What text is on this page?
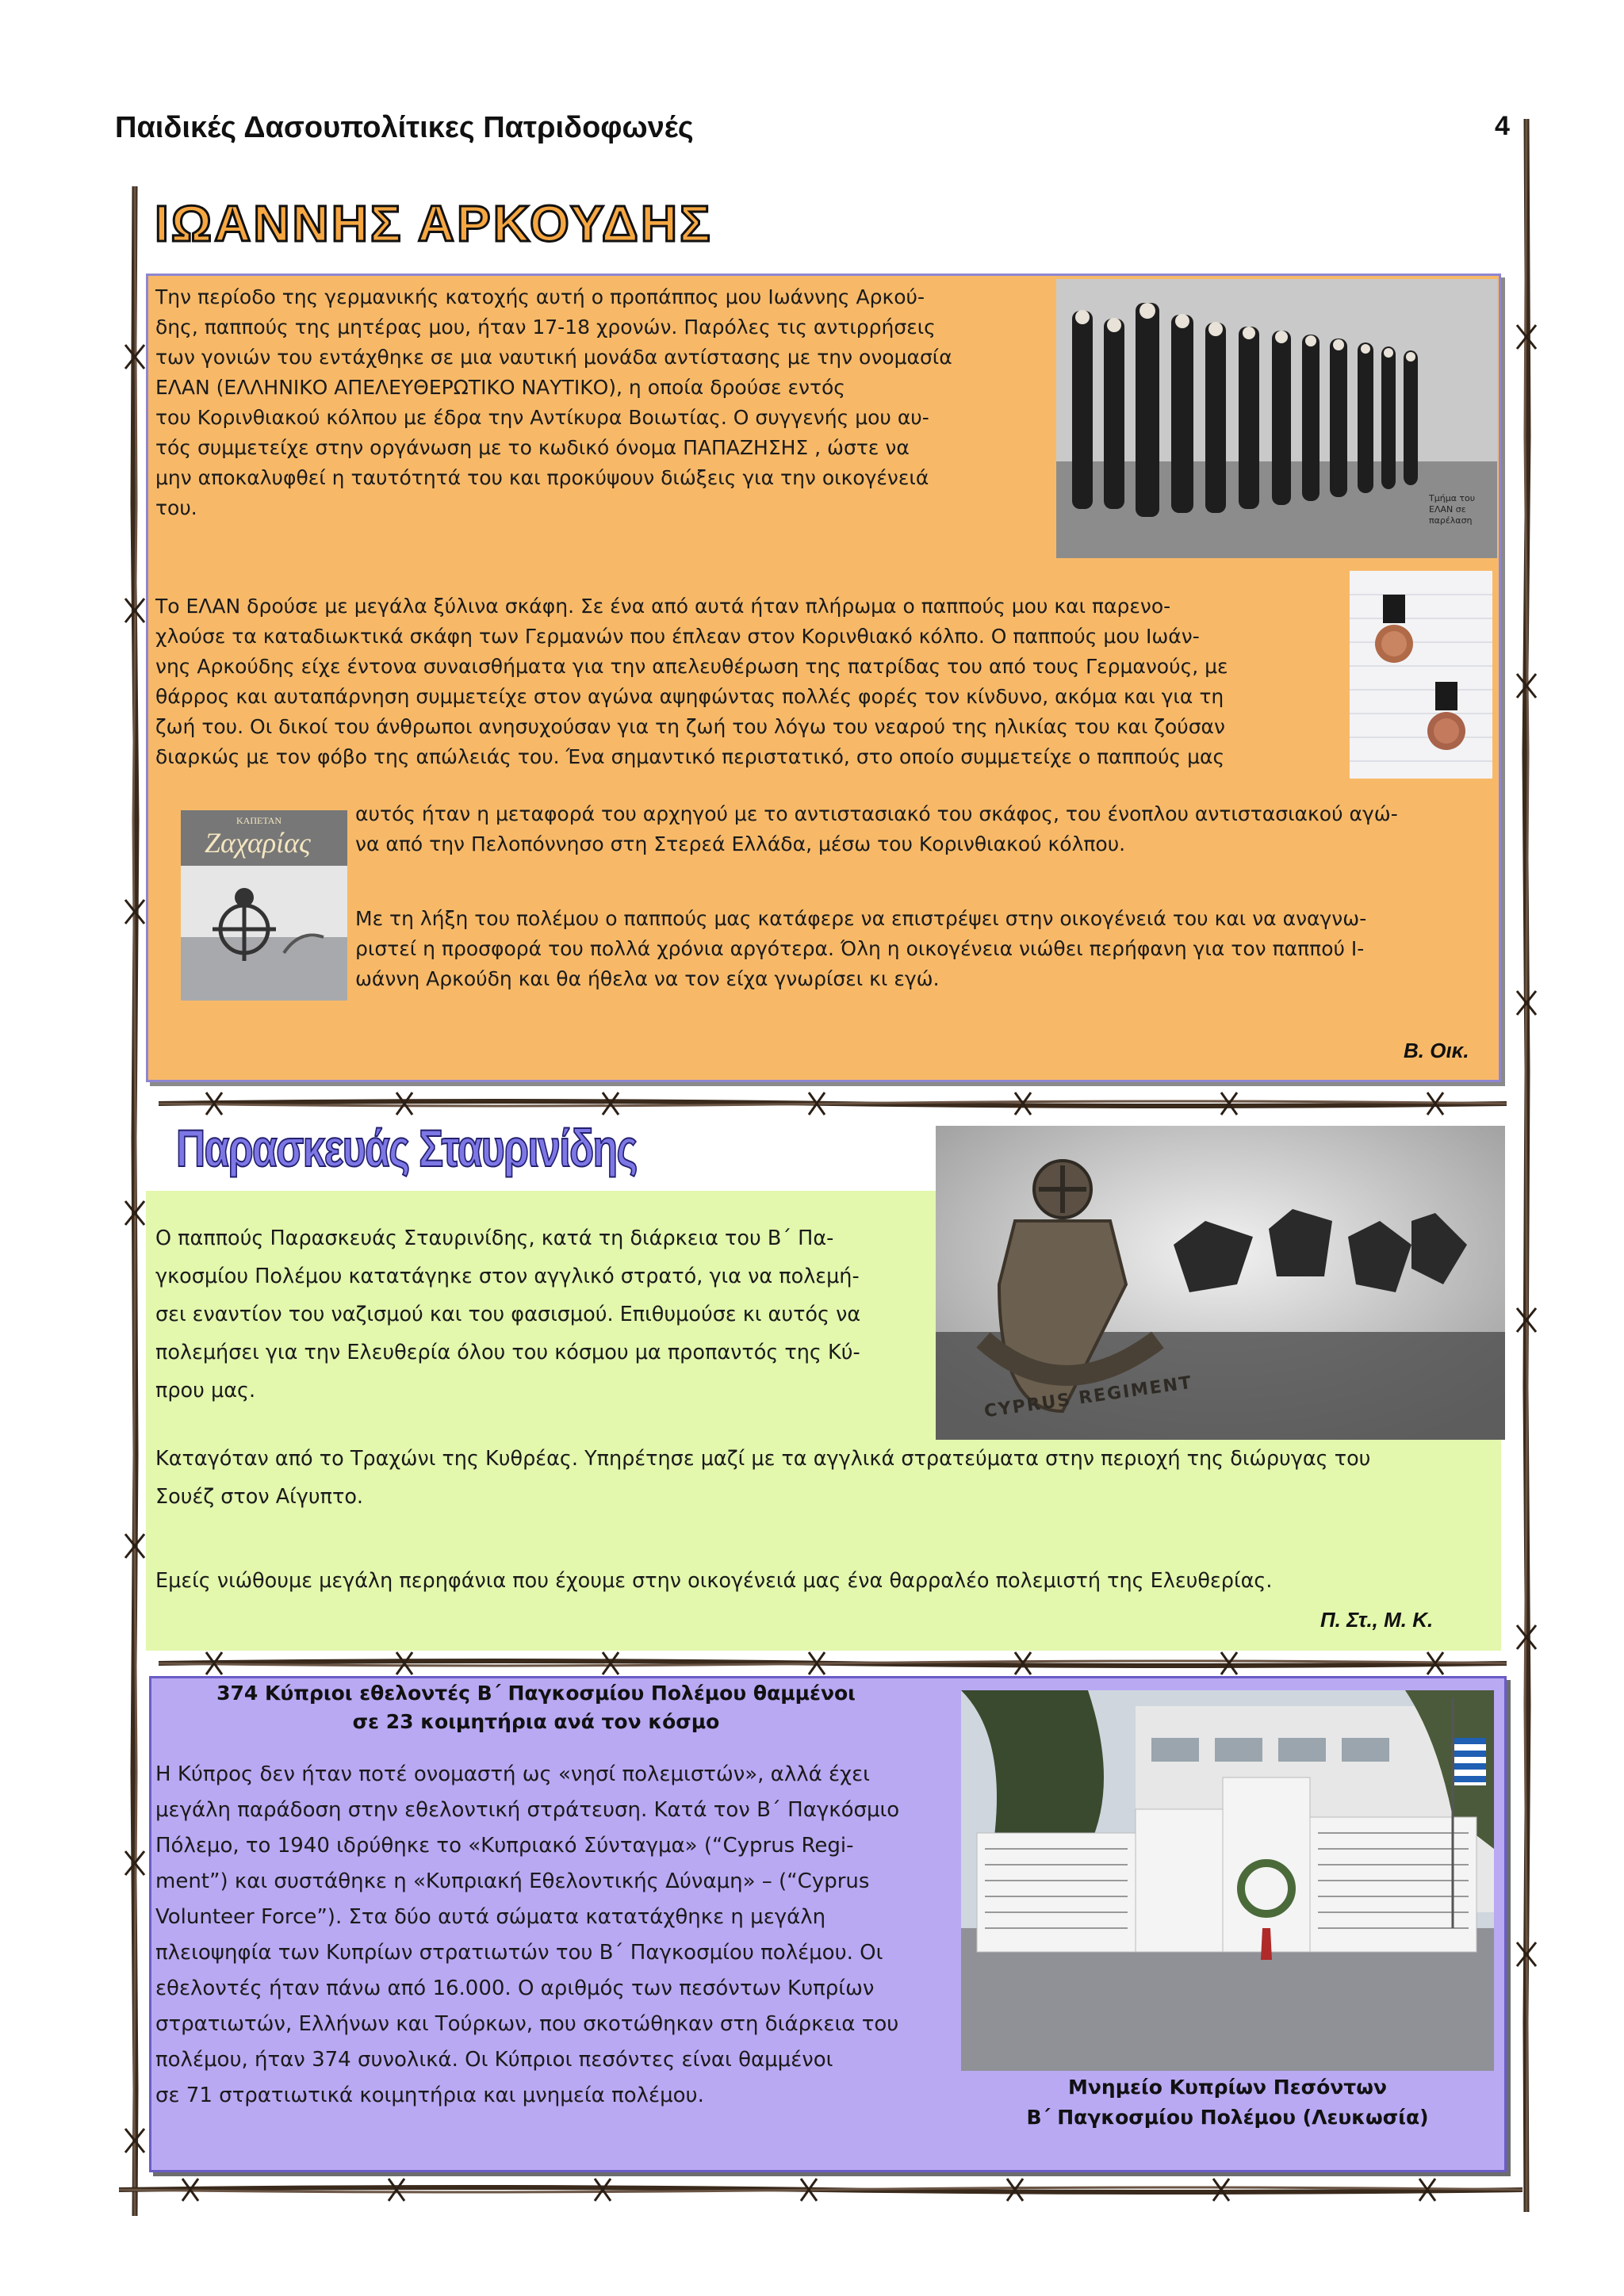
Παιδικές Δασουπολίτικες Πατριδοφωνές	4
ΙΩΑΝΝΗΣ ΑΡΚΟΥΔΗΣ
Την περίοδο της γερμανικής κατοχής αυτή ο προπάππος μου Ιωάννης Αρκού-
δης, παππούς της μητέρας μου, ήταν 17-18 χρονών. Παρόλες τις αντιρρήσεις
των γονιών του εντάχθηκε σε μια ναυτική μονάδα αντίστασης με την ονομασία
ΕΛΑΝ (ΕΛΛΗΝΙΚΟ ΑΠΕΛΕΥΘΕΡΩΤΙΚΟ ΝΑΥΤΙΚΟ), η οποία δρούσε εντός
του Κορινθιακού κόλπου με έδρα την Αντίκυρα Βοιωτίας. Ο συγγενής μου αυ-
τός συμμετείχε στην οργάνωση με το κωδικό όνομα ΠΑΠΑΖΗΣΗΣ , ώστε να
μην αποκαλυφθεί η ταυτότητά του και προκύψουν διώξεις για την οικογένειά
του.	Τμήμα του ΕΛΑΝ σε παρέλαση
Το ΕΛΑΝ δρούσε με μεγάλα ξύλινα σκάφη. Σε ένα από αυτά ήταν πλήρωμα ο παππούς μου και παρενο-
χλούσε τα καταδιωκτικά σκάφη των Γερμανών που έπλεαν στον Κορινθιακό κόλπο. Ο παππούς μου Ιωάν-
νης Αρκούδης είχε έντονα συναισθήματα για την απελευθέρωση της πατρίδας του από τους Γερμανούς, με
θάρρος και αυταπάρνηση συμμετείχε στον αγώνα αψηφώντας πολλές φορές τον κίνδυνο, ακόμα και για τη
ζωή του. Οι δικοί του άνθρωποι ανησυχούσαν για τη ζωή του λόγω του νεαρού της ηλικίας του και ζούσαν
διαρκώς με τον φόβο της απώλειάς του. Ένα σημαντικό περιστατικό, στο οποίο συμμετείχε ο παππούς μας
ΚΑΠΕΤΑΝ
Ζαχαρίας
αυτός ήταν η μεταφορά του αρχηγού με το αντιστασιακό του σκάφος, του ένοπλου αντιστασιακού αγώ-
να από την Πελοπόννησο στη Στερεά Ελλάδα, μέσω του Κορινθιακού κόλπου.
Με τη λήξη του πολέμου ο παππούς μας κατάφερε να επιστρέψει στην οικογένειά του και να αναγνω-
ριστεί η προσφορά του πολλά χρόνια αργότερα. Όλη η οικογένεια νιώθει περήφανη για τον παππού Ι-
ωάννη Αρκούδη και θα ήθελα να τον είχα γνωρίσει κι εγώ.
Β. Οικ.
Παρασκευάς Σταυρινίδης
CYPRUS REGIMENT
Ο παππούς Παρασκευάς Σταυρινίδης, κατά τη διάρκεια του Β΄ Πα-
γκοσμίου Πολέμου κατατάγηκε στον αγγλικό στρατό, για να πολεμή-
σει εναντίον του ναζισμού και του φασισμού. Επιθυμούσε κι αυτός να
πολεμήσει για την Ελευθερία όλου του κόσμου μα προπαντός της Κύ-
πρου μας.
Καταγόταν από το Τραχώνι της Κυθρέας. Υπηρέτησε μαζί με τα αγγλικά στρατεύματα στην περιοχή της διώρυγας του
Σουέζ στον Αίγυπτο.
Εμείς νιώθουμε μεγάλη περηφάνια που έχουμε στην οικογένειά μας ένα θαρραλέο πολεμιστή της Ελευθερίας.
Π. Στ., Μ. Κ.
374 Κύπριοι εθελοντές Β΄ Παγκοσμίου Πολέμου θαμμένοι
σε 23 κοιμητήρια ανά τον κόσμο
Η Κύπρος δεν ήταν ποτέ ονομαστή ως «νησί πολεμιστών», αλλά έχει
μεγάλη παράδοση στην εθελοντική στράτευση. Κατά τον Β΄ Παγκόσμιο
Πόλεμο, το 1940 ιδρύθηκε το «Κυπριακό Σύνταγμα» (“Cyprus Regi-
ment”) και συστάθηκε η «Κυπριακή Εθελοντικής Δύναμη» – (“Cyprus
Volunteer Force”). Στα δύο αυτά σώματα κατατάχθηκε η μεγάλη
πλειοψηφία των Κυπρίων στρατιωτών του Β΄ Παγκοσμίου πολέμου. Οι
εθελοντές ήταν πάνω από 16.000. Ο αριθμός των πεσόντων Κυπρίων
στρατιωτών, Ελλήνων και Τούρκων, που σκοτώθηκαν στη διάρκεια του
πολέμου, ήταν 374 συνολικά. Οι Κύπριοι πεσόντες είναι θαμμένοι
σε 71 στρατιωτικά κοιμητήρια και μνημεία πολέμου.	Μνημείο Κυπρίων Πεσόντων
Β΄ Παγκοσμίου Πολέμου (Λευκωσία)
